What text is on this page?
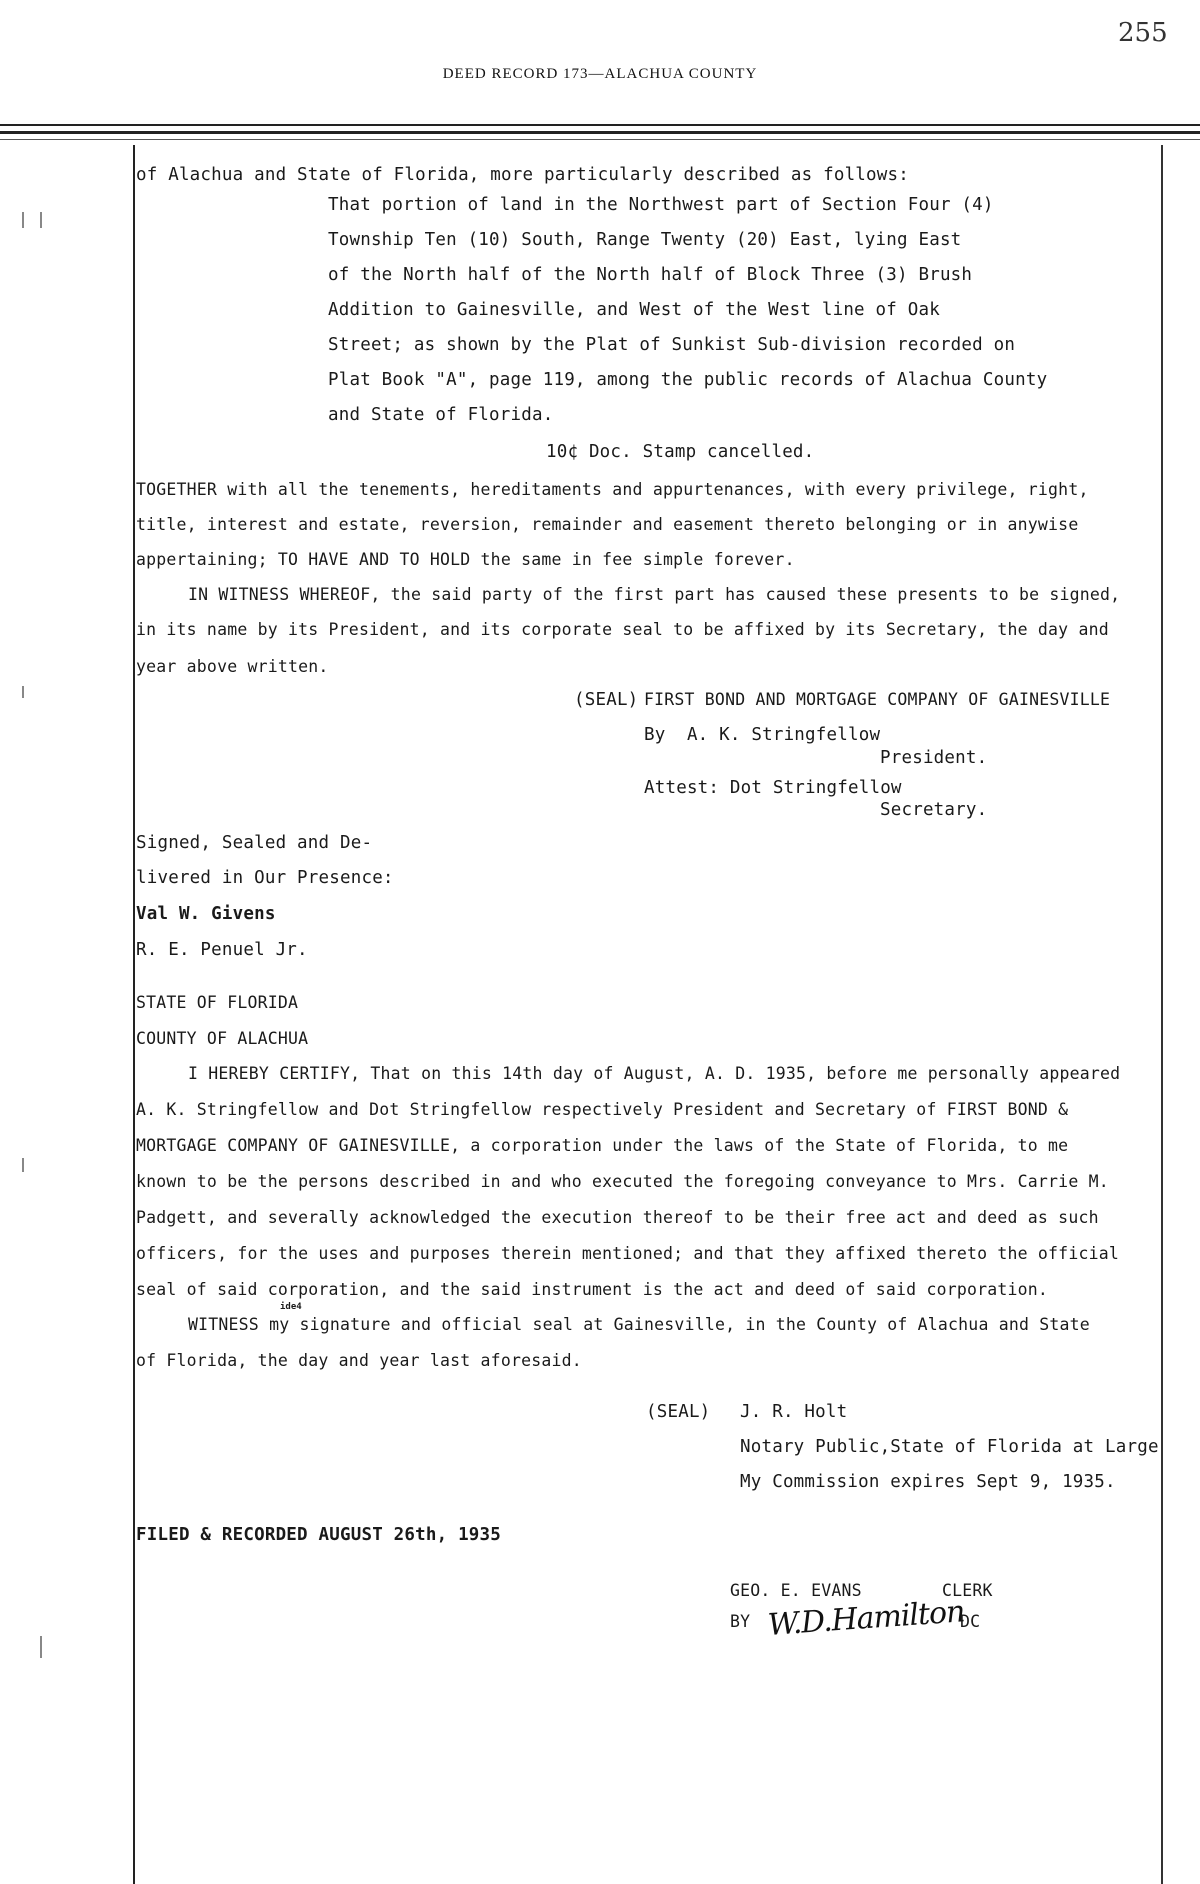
255
DEED RECORD 173—ALACHUA COUNTY
of Alachua and State of Florida, more particularly described as follows:
That portion of land in the Northwest part of Section Four (4)
Township Ten (10) South, Range Twenty (20) East, lying East
of the North half of the North half of Block Three (3) Brush
Addition to Gainesville, and West of the West line of Oak
Street; as shown by the Plat of Sunkist Sub-division recorded on
Plat Book "A", page 119, among the public records of Alachua County
and State of Florida.
10¢ Doc. Stamp cancelled.
TOGETHER with all the tenements, hereditaments and appurtenances, with every privilege, right,
title, interest and estate, reversion, remainder and easement thereto belonging or in anywise
appertaining; TO HAVE AND TO HOLD the same in fee simple forever.
IN WITNESS WHEREOF, the said party of the first part has caused these presents to be signed,
in its name by its President, and its corporate seal to be affixed by its Secretary, the day and
year above written.
(SEAL) FIRST BOND AND MORTGAGE COMPANY OF GAINESVILLE
By  A. K. Stringfellow
President.
Attest: Dot Stringfellow
Secretary.
Signed, Sealed and De-
livered in Our Presence:
Val W. Givens
R. E. Penuel Jr.
STATE OF FLORIDA
COUNTY OF ALACHUA
I HEREBY CERTIFY, That on this 14th day of August, A. D. 1935, before me personally appeared
A. K. Stringfellow and Dot Stringfellow respectively President and Secretary of FIRST BOND &
MORTGAGE COMPANY OF GAINESVILLE, a corporation under the laws of the State of Florida, to me
known to be the persons described in and who executed the foregoing conveyance to Mrs. Carrie M.
Padgett, and severally acknowledged the execution thereof to be their free act and deed as such
officers, for the uses and purposes therein mentioned; and that they affixed thereto the official
seal of said corporation, and the said instrument is the act and deed of said corporation.
ide4
WITNESS my signature and official seal at Gainesville, in the County of Alachua and State
of Florida, the day and year last aforesaid.
(SEAL) J. R. Holt
Notary Public,State of Florida at Large
My Commission expires Sept 9, 1935.
FILED & RECORDED AUGUST 26th, 1935
GEO. E. EVANS	CLERK
BY W.D.Hamilton
DC
